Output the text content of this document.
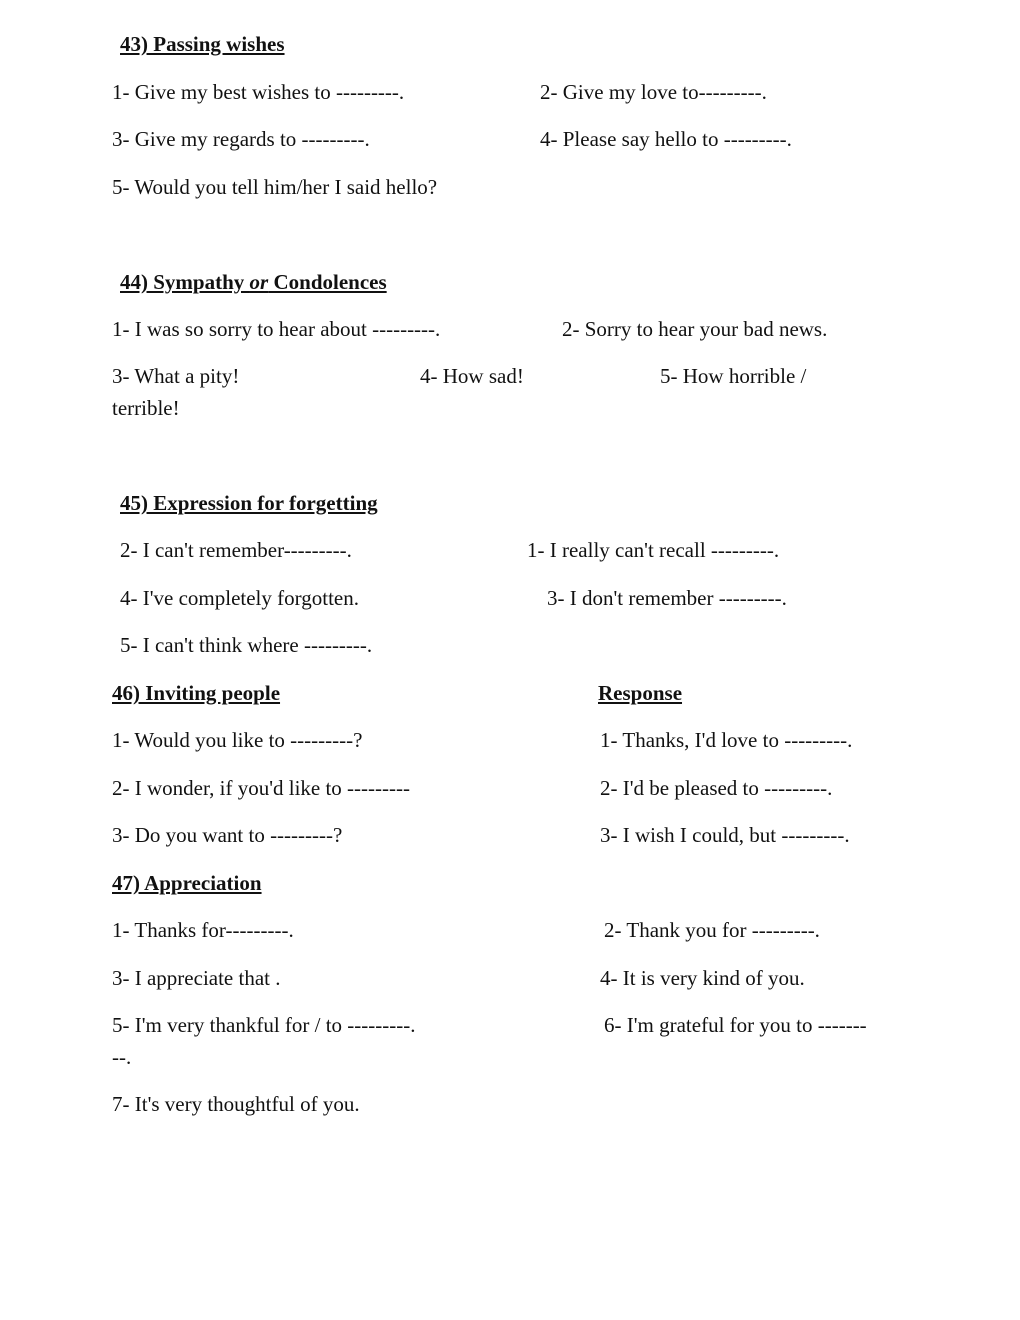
43) Passing wishes
1- Give my best wishes to ---------.	2- Give my love to---------.
3- Give my regards to ---------.	4- Please say hello to ---------.
5- Would you tell him/her I said hello?
44) Sympathy or Condolences
1- I was so sorry to hear about ---------.	2- Sorry to hear your bad news.
3- What a pity!	4- How sad!	5- How horrible /
terrible!
45) Expression for forgetting
2- I can't remember---------.	1- I really can't recall ---------.
4- I've completely forgotten.	3- I don't remember ---------.
5- I can't think where ---------.
46) Inviting people	Response
1- Would you like to ---------?	1- Thanks, I'd love to ---------.
2- I wonder, if you'd like to ---------	2- I'd be pleased to ---------.
3- Do you want to ---------?	3- I wish I could, but ---------.
47) Appreciation
1- Thanks for---------.	2- Thank you for ---------.
3- I appreciate that .	4- It is very kind of you.
5- I'm very thankful for / to ---------.	6- I'm grateful for you to -------
--.
7- It's very thoughtful of you.
